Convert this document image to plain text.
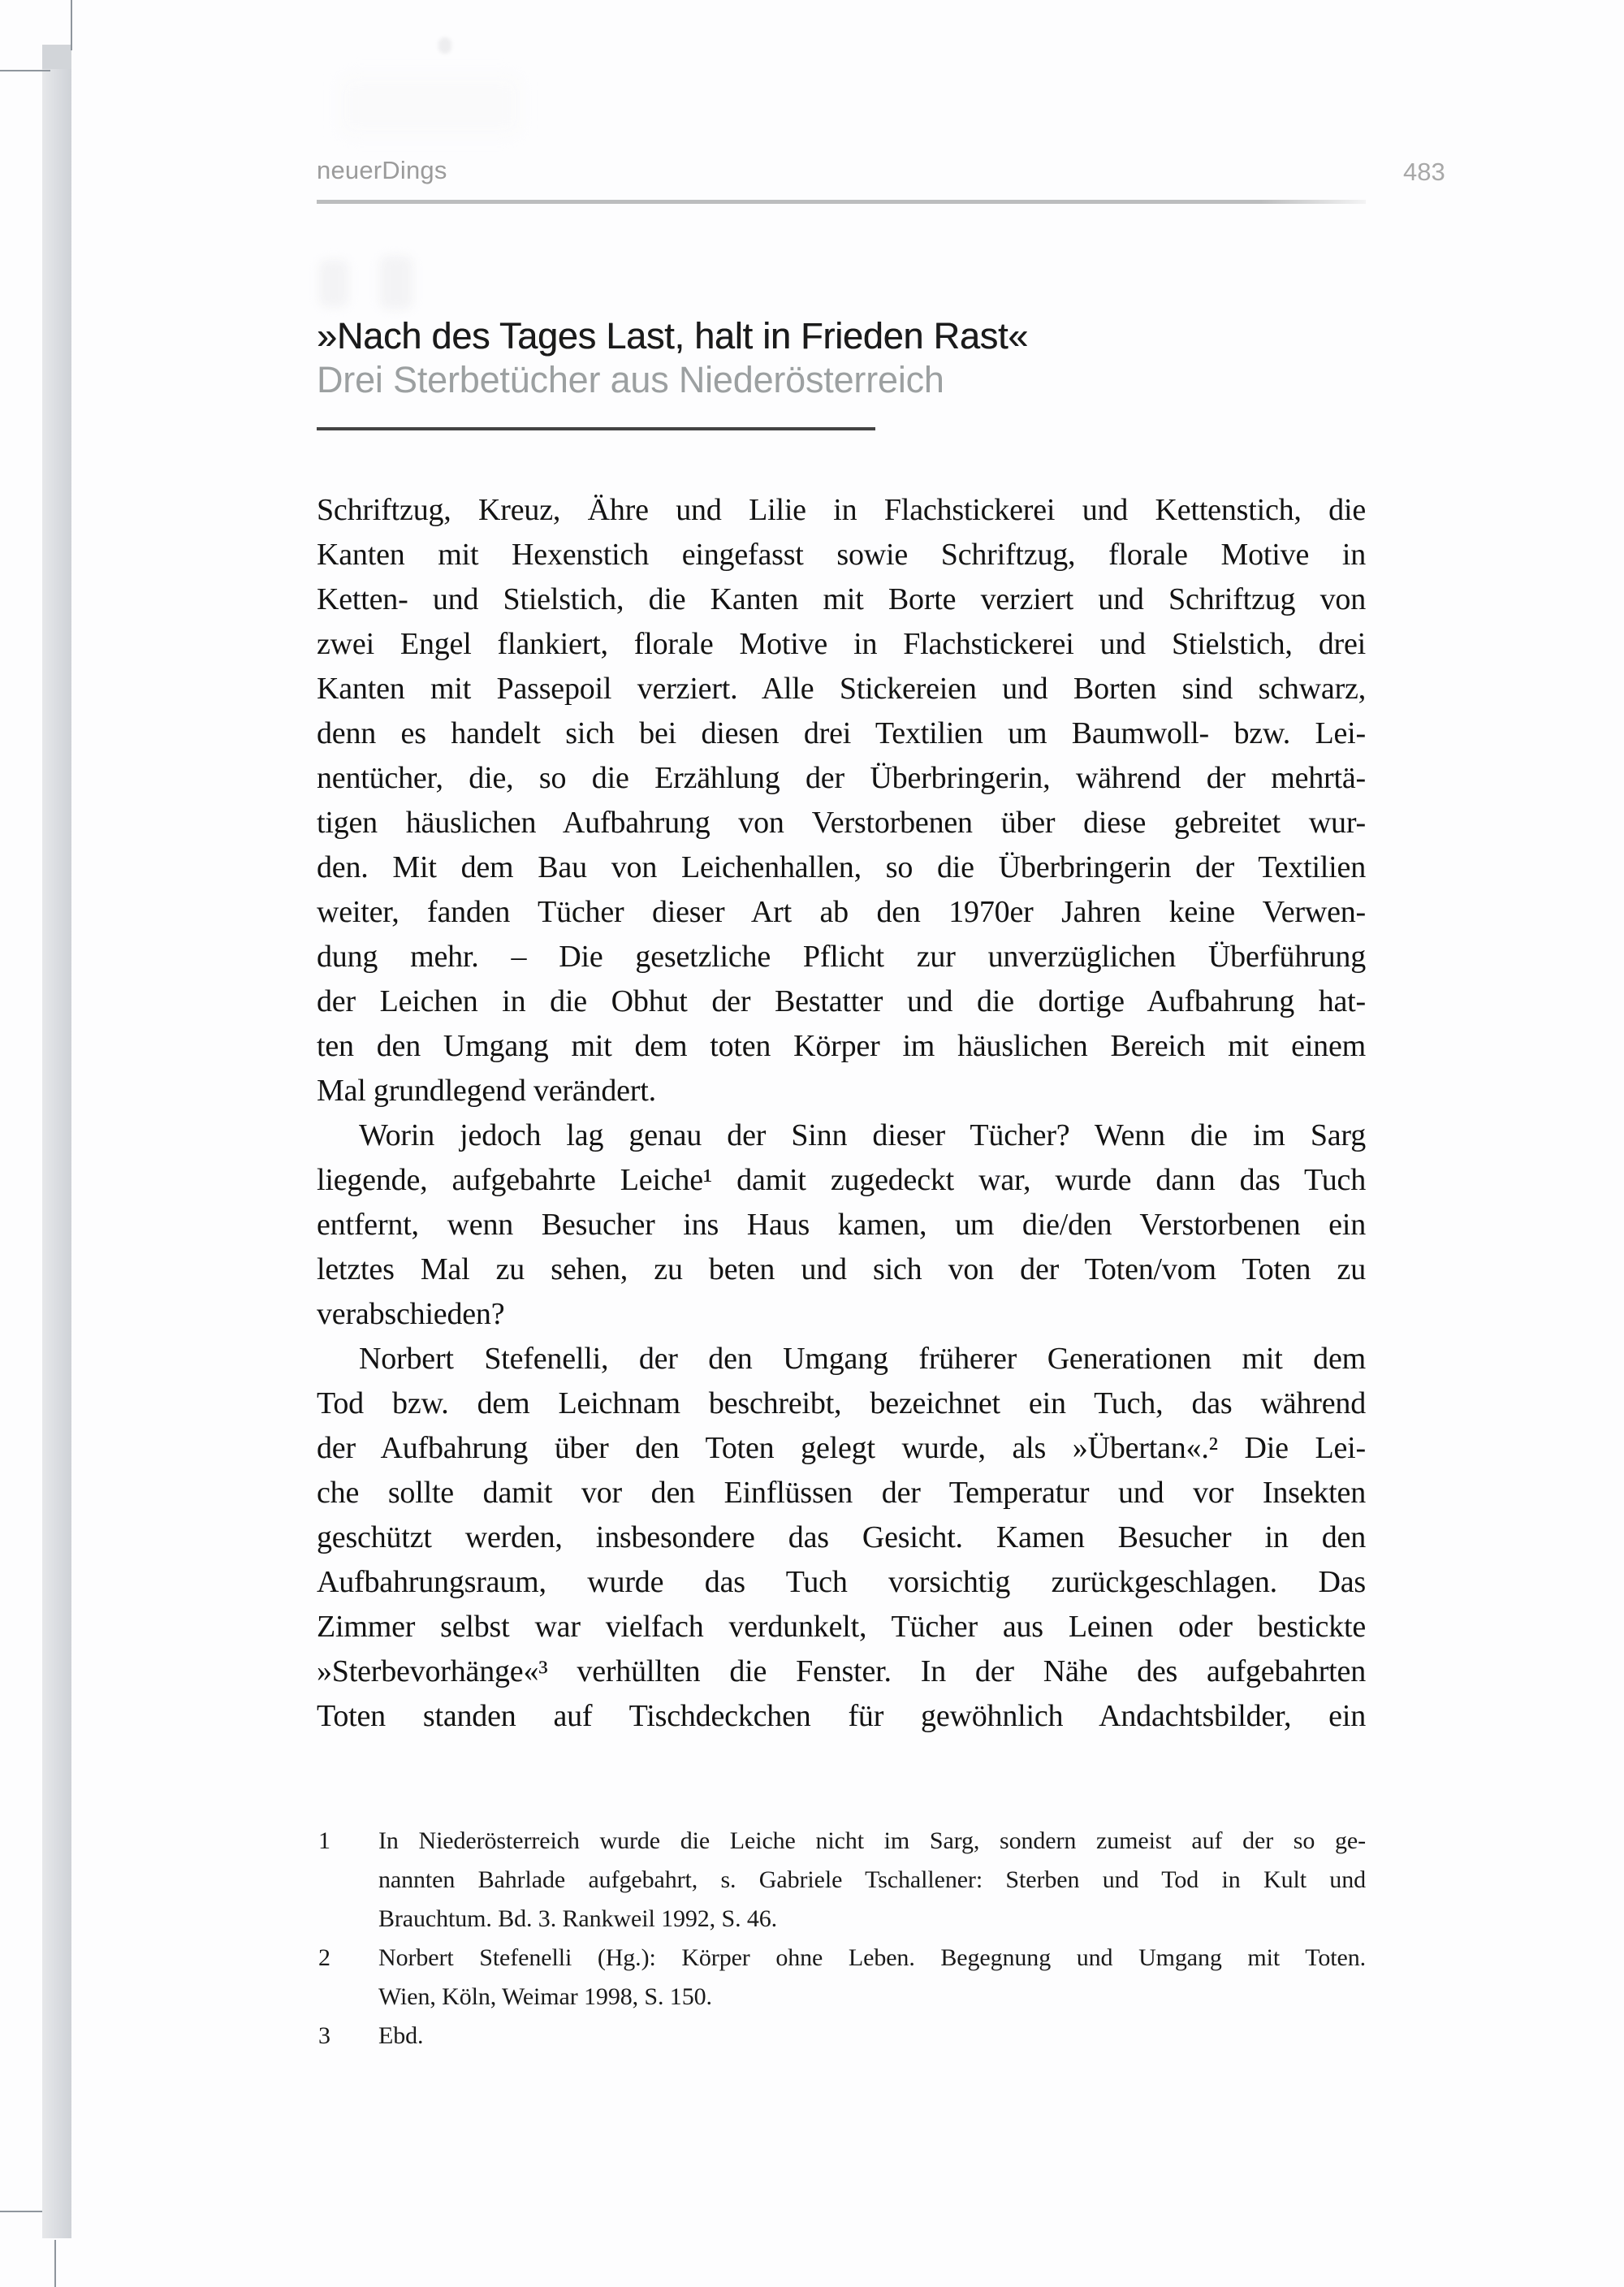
neuerDings	483
»Nach des Tages Last, halt in Frieden Rast«
Drei Sterbetücher aus Niederösterreich
Schriftzug, Kreuz, Ähre und Lilie in Flachstickerei und Kettenstich, die
Kanten mit Hexenstich eingefasst sowie Schriftzug, florale Motive in
Ketten- und Stielstich, die Kanten mit Borte verziert und Schriftzug von
zwei Engel flankiert, florale Motive in Flachstickerei und Stielstich, drei
Kanten mit Passepoil verziert. Alle Stickereien und Borten sind schwarz,
denn es handelt sich bei diesen drei Textilien um Baumwoll- bzw. Lei-
nentücher, die, so die Erzählung der Überbringerin, während der mehrtä-
tigen häuslichen Aufbahrung von Verstorbenen über diese gebreitet wur-
den. Mit dem Bau von Leichenhallen, so die Überbringerin der Textilien
weiter, fanden Tücher dieser Art ab den 1970er Jahren keine Verwen-
dung mehr. – Die gesetzliche Pflicht zur unverzüglichen Überführung
der Leichen in die Obhut der Bestatter und die dortige Aufbahrung hat-
ten den Umgang mit dem toten Körper im häuslichen Bereich mit einem
Mal grundlegend verändert.
Worin jedoch lag genau der Sinn dieser Tücher? Wenn die im Sarg
liegende, aufgebahrte Leiche¹ damit zugedeckt war, wurde dann das Tuch
entfernt, wenn Besucher ins Haus kamen, um die/den Verstorbenen ein
letztes Mal zu sehen, zu beten und sich von der Toten/vom Toten zu
verabschieden?
Norbert Stefenelli, der den Umgang früherer Generationen mit dem
Tod bzw. dem Leichnam beschreibt, bezeichnet ein Tuch, das während
der Aufbahrung über den Toten gelegt wurde, als »Übertan«.² Die Lei-
che sollte damit vor den Einflüssen der Temperatur und vor Insekten
geschützt werden, insbesondere das Gesicht. Kamen Besucher in den
Aufbahrungsraum, wurde das Tuch vorsichtig zurückgeschlagen. Das
Zimmer selbst war vielfach verdunkelt, Tücher aus Leinen oder bestickte
»Sterbevorhänge«³ verhüllten die Fenster. In der Nähe des aufgebahrten
Toten standen auf Tischdeckchen für gewöhnlich Andachtsbilder, ein
1 In Niederösterreich wurde die Leiche nicht im Sarg, sondern zumeist auf der so ge-
nannten Bahrlade aufgebahrt, s. Gabriele Tschallener: Sterben und Tod in Kult und
Brauchtum. Bd. 3. Rankweil 1992, S. 46.
2 Norbert Stefenelli (Hg.): Körper ohne Leben. Begegnung und Umgang mit Toten.
Wien, Köln, Weimar 1998, S. 150.
3 Ebd.
